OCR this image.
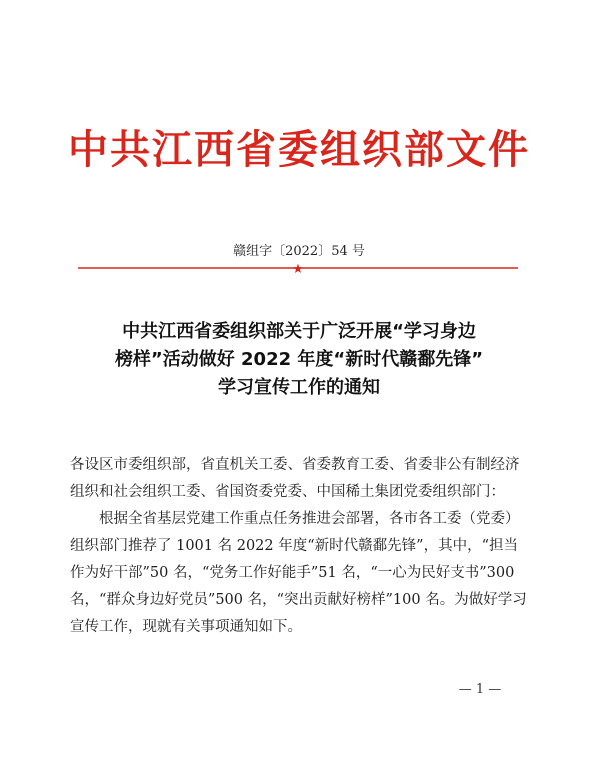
中共江西省委组织部文件
赣组字〔2022〕54 号
★
中共江西省委组织部关于广泛开展“学习身边
榜样”活动做好 2022 年度“新时代赣鄱先锋”
学习宣传工作的通知

各设区市委组织部，省直机关工委、省委教育工委、省委非公有制经济组织和社会组织工委、省国资委党委、中国稀土集团党委组织部门：

根据全省基层党建工作重点任务推进会部署，各市各工委（党委）组织部门推荐了 1001 名 2022 年度“新时代赣鄱先锋”，其中，“担当作为好干部”50 名，“党务工作好能手”51 名，“一心为民好支书”300 名，“群众身边好党员”500 名，“突出贡献好榜样”100 名。为做好学习宣传工作，现就有关事项通知如下。

— 1 —
